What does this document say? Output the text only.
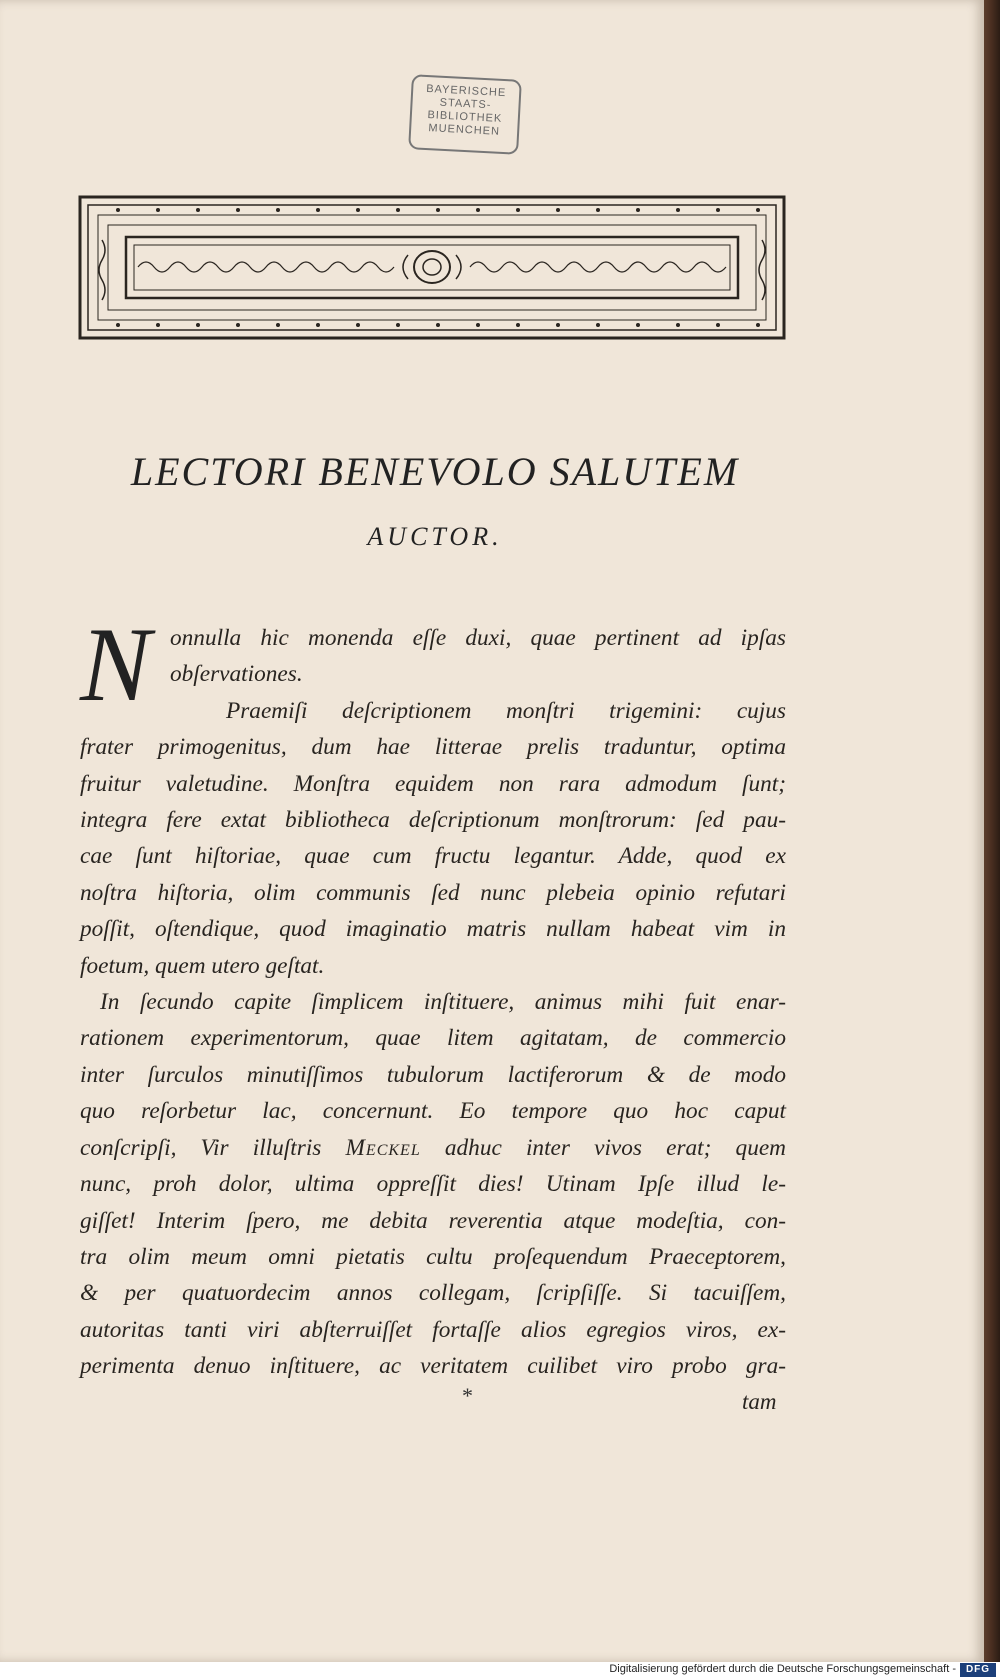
BAYERISCHE
STAATS-
BIBLIOTHEK
MUENCHEN
LECTORI BENEVOLO SALUTEM
AUCTOR.
N onnulla hic monenda eſſe duxi, quae pertinent ad ipſas
obſervationes.
Praemiſi deſcriptionem monſtri trigemini: cujus
frater primogenitus, dum hae litterae prelis traduntur, optima
fruitur valetudine. Monſtra equidem non rara admodum ſunt;
integra fere extat bibliotheca deſcriptionum monſtrorum: ſed pau-
cae ſunt hiſtoriae, quae cum fructu legantur. Adde, quod ex
noſtra hiſtoria, olim communis ſed nunc plebeia opinio refutari
poſſit, oſtendique, quod imaginatio matris nullam habeat vim in
foetum, quem utero geſtat.
In ſecundo capite ſimplicem inſtituere, animus mihi fuit enar-
rationem experimentorum, quae litem agitatam, de commercio
inter ſurculos minutiſſimos tubulorum lactiferorum & de modo
quo reſorbetur lac, concernunt. Eo tempore quo hoc caput
conſcripſi, Vir illuſtris Meckel adhuc inter vivos erat; quem
nunc, proh dolor, ultima oppreſſit dies! Utinam Ipſe illud le-
giſſet! Interim ſpero, me debita reverentia atque modeſtia, con-
tra olim meum omni pietatis cultu proſequendum Praeceptorem,
& per quatuordecim annos collegam, ſcripſiſſe. Si tacuiſſem,
autoritas tanti viri abſterruiſſet fortaſſe alios egregios viros, ex-
perimenta denuo inſtituere, ac veritatem cuilibet viro probo gra-
*	tam
Digitalisierung gefördert durch die Deutsche Forschungsgemeinschaft - DFG
